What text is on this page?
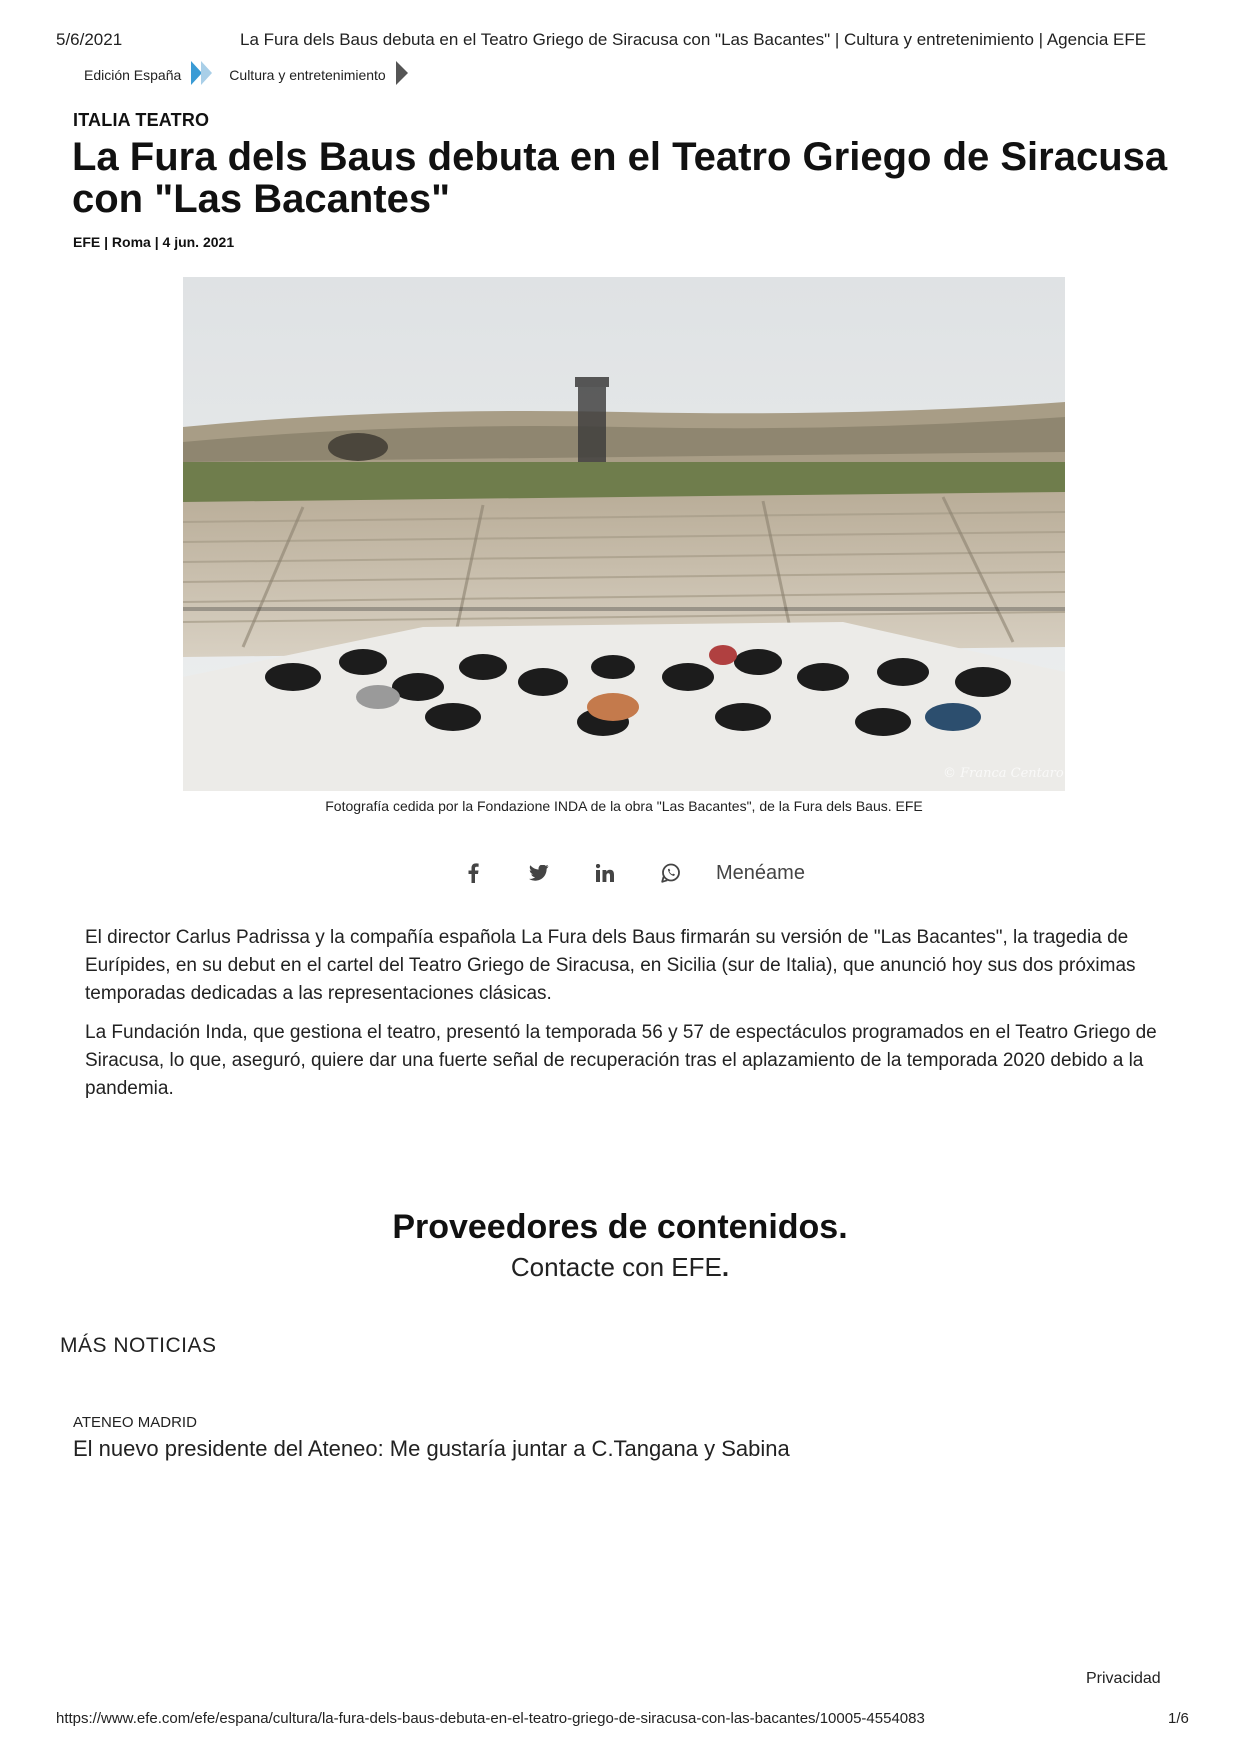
5/6/2021	La Fura dels Baus debuta en el Teatro Griego de Siracusa con "Las Bacantes" | Cultura y entretenimiento | Agencia EFE
Edición España	Cultura y entretenimiento
ITALIA TEATRO
La Fura dels Baus debuta en el Teatro Griego de Siracusa con "Las Bacantes"
EFE | Roma | 4 jun. 2021
© Franca Centaro
Fotografía cedida por la Fondazione INDA de la obra "Las Bacantes", de la Fura dels Baus. EFE
Menéame

El director Carlus Padrissa y la compañía española La Fura dels Baus firmarán su versión de "Las Bacantes", la tragedia de Eurípides, en su debut en el cartel del Teatro Griego de Siracusa, en Sicilia (sur de Italia), que anunció hoy sus dos próximas temporadas dedicadas a las representaciones clásicas.

La Fundación Inda, que gestiona el teatro, presentó la temporada 56 y 57 de espectáculos programados en el Teatro Griego de Siracusa, lo que, aseguró, quiere dar una fuerte señal de recuperación tras el aplazamiento de la temporada 2020 debido a la pandemia.

Proveedores de contenidos.
Contacte con EFE.
MÁS NOTICIAS
ATENEO MADRID
El nuevo presidente del Ateneo: Me gustaría juntar a C.Tangana y Sabina
Privacidad
https://www.efe.com/efe/espana/cultura/la-fura-dels-baus-debuta-en-el-teatro-griego-de-siracusa-con-las-bacantes/10005-4554083	1/6
